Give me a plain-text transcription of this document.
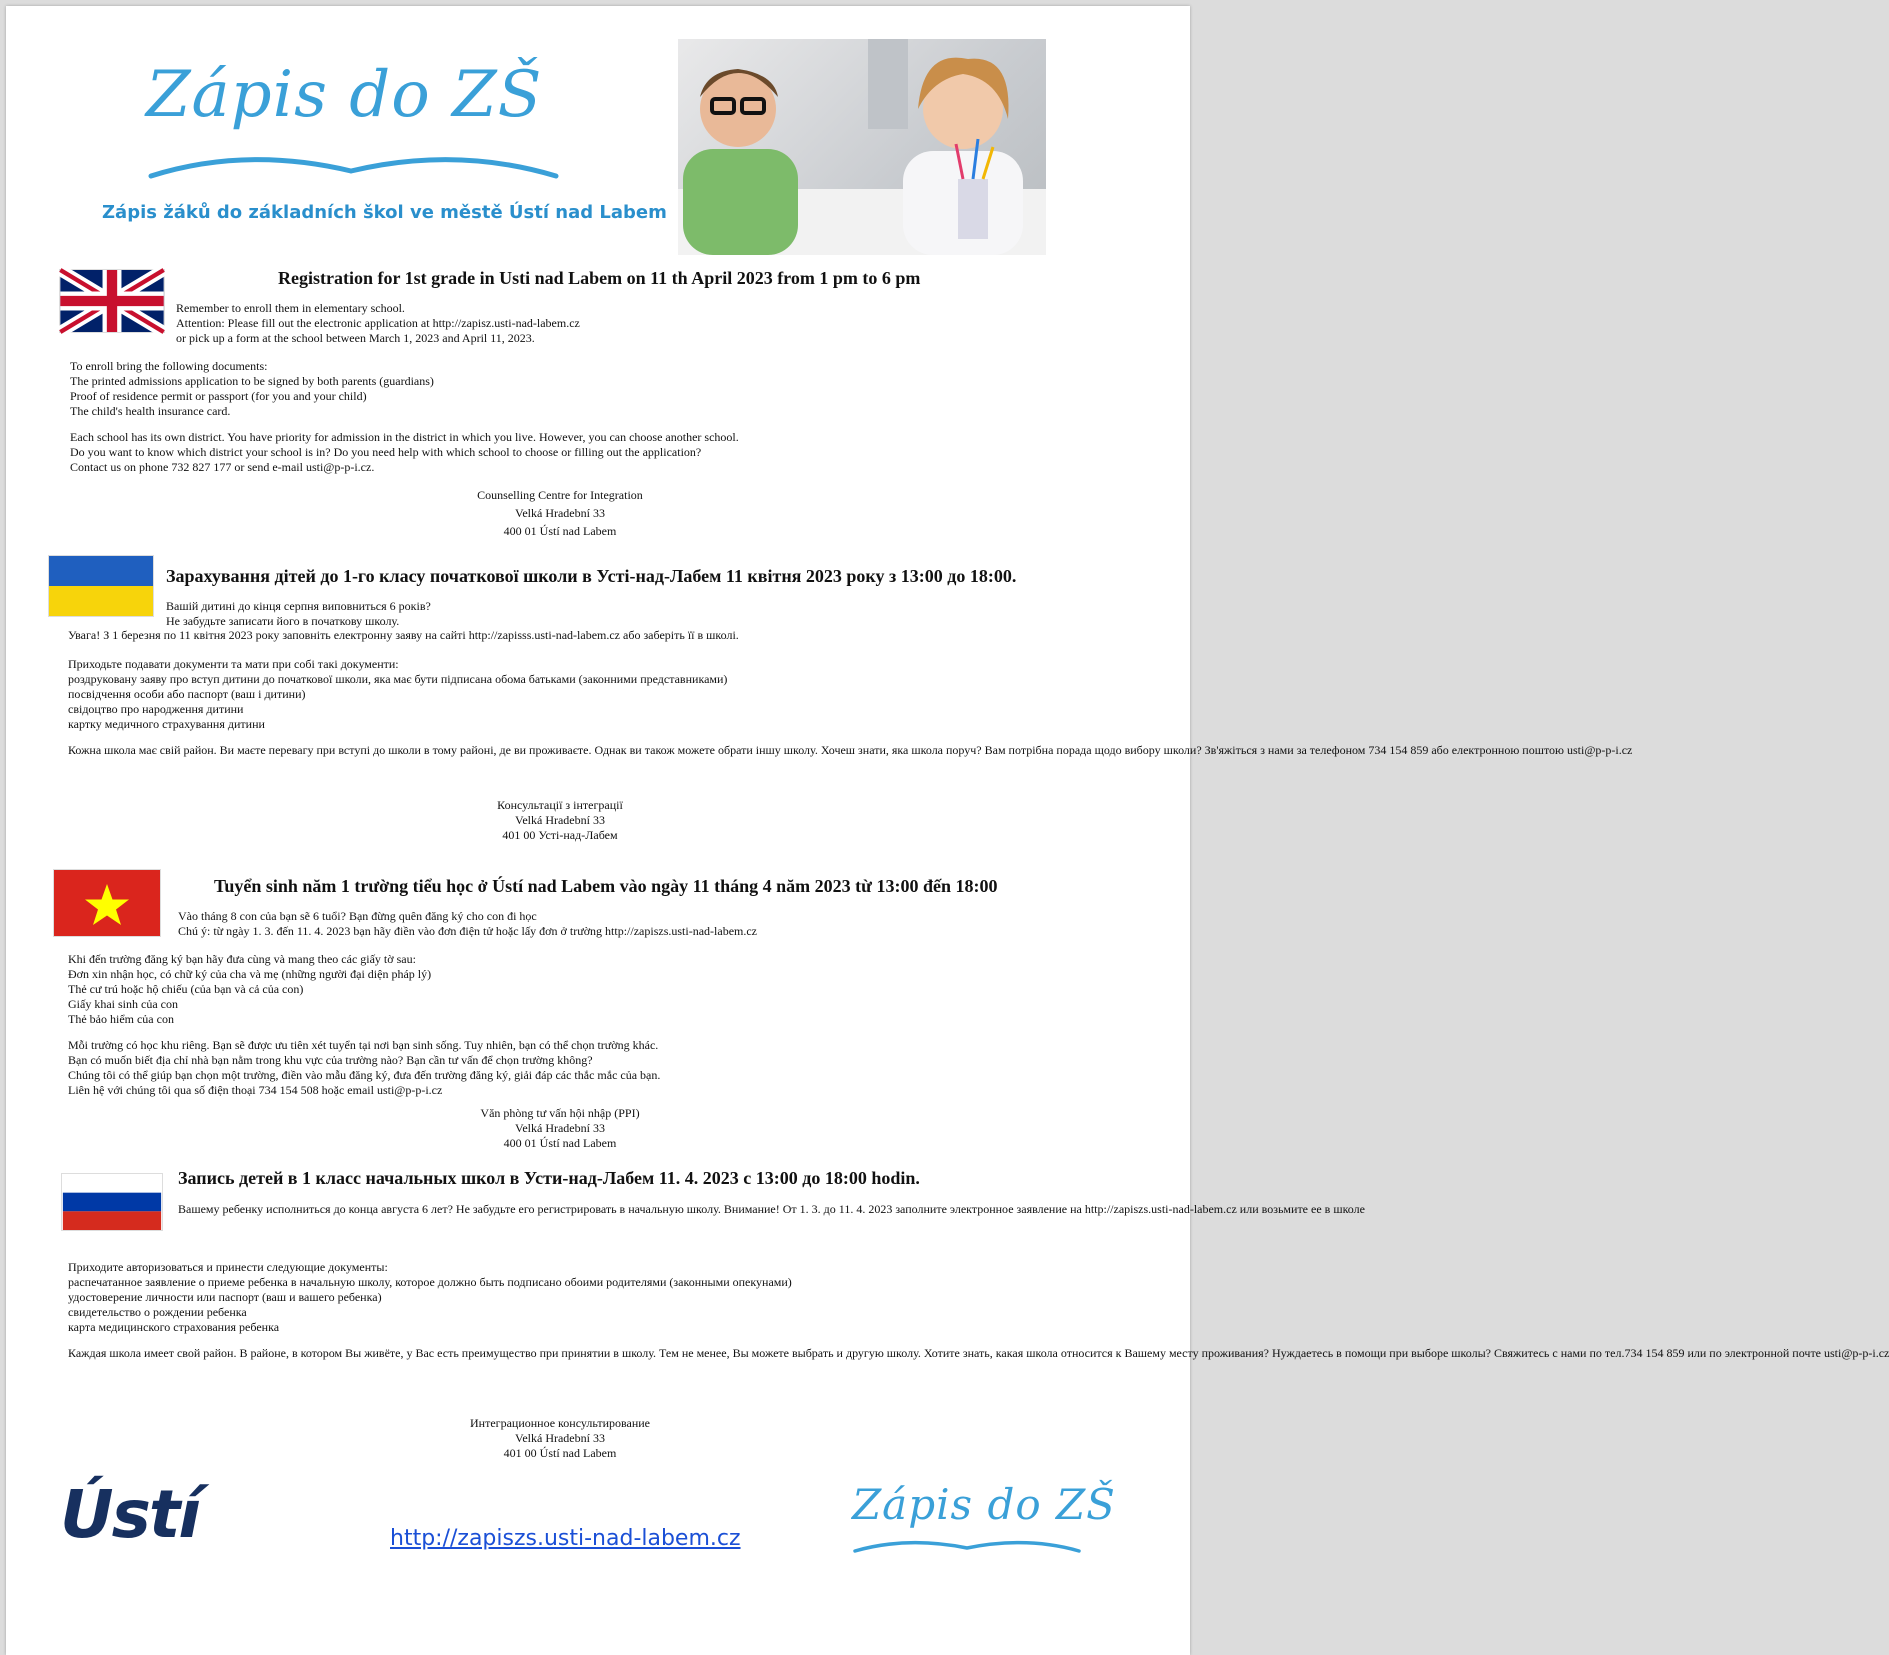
Zápis do ZŠ
Zápis žáků do základních škol ve městě Ústí nad Labem
Registration for 1st grade in Usti nad Labem on 11 th April 2023 from 1 pm to 6 pm
Remember to enroll them in elementary school.
Attention: Please fill out the electronic application at http://zapisz.usti-nad-labem.cz
or pick up a form at the school between March 1, 2023 and April 11, 2023.
To enroll bring the following documents:
The printed admissions application to be signed by both parents (guardians)
Proof of residence permit or passport (for you and your child)
The child's health insurance card.
Each school has its own district. You have priority for admission in the district in which you live. However, you can choose another school.
Do you want to know which district your school is in? Do you need help with which school to choose or filling out the application?
Contact us on phone 732 827 177 or send e-mail usti@p-p-i.cz.
Counselling Centre for Integration
Velká Hradební 33
400 01 Ústí nad Labem
Зарахування дітей до 1-го класу початкової школи в Усті-над-Лабем 11 квітня 2023 року з 13:00 до 18:00.
Вашій дитині до кінця серпня виповниться 6 років?
Не забудьте записати його в початкову школу.
Увага! З 1 березня по 11 квітня 2023 року заповніть електронну заяву на сайті http://zapisss.usti-nad-labem.cz або заберіть її в школі.
Приходьте подавати документи та мати при собі такі документи:
роздруковану заяву про вступ дитини до початкової школи, яка має бути підписана обома батьками (законними представниками)
посвідчення особи або паспорт (ваш і дитини)
свідоцтво про народження дитини
картку медичного страхування дитини
Кожна школа має свій район. Ви маєте перевагу при вступі до школи в тому районі, де ви проживаєте. Однак ви також можете обрати іншу школу. Хочеш знати, яка школа поруч? Вам потрібна порада щодо вибору школи? Зв'яжіться з нами за телефоном 734 154 859 або електронною поштою usti@p-p-i.cz
Консультації з інтеграції
Velká Hradební 33
401 00 Усті-над-Лабем
Tuyển sinh năm 1 trường tiểu học ở Ústí nad Labem vào ngày 11 tháng 4 năm 2023 từ 13:00 đến 18:00
Vào tháng 8 con của bạn sẽ 6 tuổi? Bạn đừng quên đăng ký cho con đi học
Chú ý: từ ngày 1. 3. đến 11. 4. 2023 bạn hãy điền vào đơn điện tử hoặc lấy đơn ở trường http://zapiszs.usti-nad-labem.cz
Khi đến trường đăng ký bạn hãy đưa cùng và mang theo các giấy tờ sau:
Đơn xin nhận học, có chữ ký của cha và mẹ (những người đại diện pháp lý)
Thẻ cư trú hoặc hộ chiếu (của bạn và cả của con)
Giấy khai sinh của con
Thẻ bảo hiểm của con
Mỗi trường có học khu riêng. Bạn sẽ được ưu tiên xét tuyển tại nơi bạn sinh sống. Tuy nhiên, bạn có thể chọn trường khác.
Bạn có muốn biết địa chỉ nhà bạn nằm trong khu vực của trường nào? Bạn cần tư vấn để chọn trường không?
Chúng tôi có thể giúp bạn chọn một trường, điền vào mẫu đăng ký, đưa đến trường đăng ký, giải đáp các thắc mắc của bạn.
Liên hệ với chúng tôi qua số điện thoại 734 154 508 hoặc email usti@p-p-i.cz
Văn phòng tư vấn hội nhập (PPI)
Velká Hradební 33
400 01 Ústí nad Labem
Запись детей в 1 класс начальных школ в Усти-над-Лабем 11. 4. 2023 с 13:00 до 18:00 hodin.
Вашему ребенку исполниться до конца августа 6 лет? Не забудьте его регистрировать в начальную школу. Внимание! От 1. 3. до 11. 4. 2023 заполните электронное заявление на http://zapiszs.usti-nad-labem.cz или возьмите ее в школе
Приходите авторизоваться и принести следующие документы:
распечатанное заявление о приеме ребенка в начальную школу, которое должно быть подписано обоими родителями (законными опекунами)
удостоверение личности или паспорт (ваш и вашего ребенка)
свидетельство о рождении ребенка
карта медицинского страхования ребенка
Каждая школа имеет свой район. В районе, в котором Вы живёте, у Вас есть преимущество при принятии в школу. Тем не менее, Вы можете выбрать и другую школу. Хотите знать, какая школа относится к Вашему месту проживания? Нуждаетесь в помощи при выборе школы? Свяжитесь с нами по тел.734 154 859 или по электронной почте usti@p-p-i.cz
Интеграционное консультирование
Velká Hradební 33
401 00 Ústí nad Labem
Ústí	http://zapiszs.usti-nad-labem.cz
Zápis do ZŠ
